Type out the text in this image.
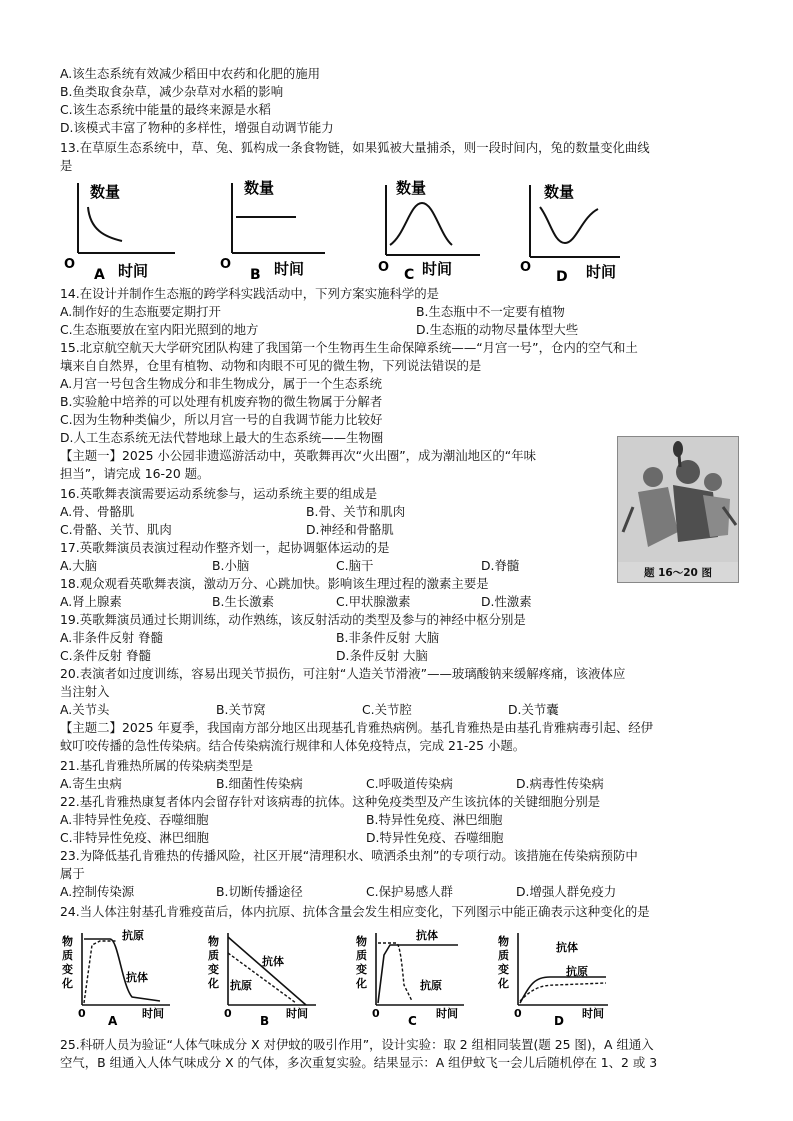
A.该生态系统有效减少稻田中农药和化肥的施用
B.鱼类取食杂草，减少杂草对水稻的影响
C.该生态系统中能量的最终来源是水稻
D.该模式丰富了物种的多样性，增强自动调节能力
13.在草原生态系统中，草、兔、狐构成一条食物链，如果狐被大量捕杀，则一段时间内，兔的数量变化曲线
是
数量
O	时间
A
数量
O	时间
B
数量
O 时间
C
数量
O	时间
D
14.在设计并制作生态瓶的跨学科实践活动中，下列方案实施科学的是
A.制作好的生态瓶要定期打开	B.生态瓶中不一定要有植物
C.生态瓶要放在室内阳光照到的地方	D.生态瓶的动物尽量体型大些
15.北京航空航天大学研究团队构建了我国第一个生物再生生命保障系统——“月宫一号”，仓内的空气和土
壤来自自然界，仓里有植物、动物和肉眼不可见的微生物，下列说法错误的是
A.月宫一号包含生物成分和非生物成分，属于一个生态系统
B.实验舱中培养的可以处理有机废弃物的微生物属于分解者
C.因为生物种类偏少，所以月宫一号的自我调节能力比较好
D.人工生态系统无法代替地球上最大的生态系统——生物圈
【主题一】2025 小公园非遗巡游活动中，英歌舞再次“火出圈”，成为潮汕地区的“年味
担当”，请完成 16-20 题。
题 16～20 图
16.英歌舞表演需要运动系统参与，运动系统主要的组成是
A.骨、骨骼肌	B.骨、关节和肌肉
C.骨骼、关节、肌肉	D.神经和骨骼肌
17.英歌舞演员表演过程动作整齐划一，起协调躯体运动的是
A.大脑	B.小脑	C.脑干	D.脊髓
18.观众观看英歌舞表演，激动万分、心跳加快。影响该生理过程的激素主要是
A.肾上腺素	B.生长激素	C.甲状腺激素	D.性激素
19.英歌舞演员通过长期训练，动作熟练，该反射活动的类型及参与的神经中枢分别是
A.非条件反射 脊髓	B.非条件反射 大脑
C.条件反射 脊髓	D.条件反射 大脑
20.表演者如过度训练，容易出现关节损伤，可注射“人造关节滑液”——玻璃酸钠来缓解疼痛，该液体应
当注射入
A.关节头	B.关节窝	C.关节腔	D.关节囊
【主题二】2025 年夏季，我国南方部分地区出现基孔肯雅热病例。基孔肯雅热是由基孔肯雅病毒引起、经伊
蚊叮咬传播的急性传染病。结合传染病流行规律和人体免疫特点，完成 21-25 小题。
21.基孔肯雅热所属的传染病类型是
A.寄生虫病	B.细菌性传染病	C.呼吸道传染病	D.病毒性传染病
22.基孔肯雅热康复者体内会留存针对该病毒的抗体。这种免疫类型及产生该抗体的关键细胞分别是
A.非特异性免疫、吞噬细胞	B.特异性免疫、淋巴细胞
C.非特异性免疫、淋巴细胞	D.特异性免疫、吞噬细胞
23.为降低基孔肯雅热的传播风险，社区开展“清理积水、喷洒杀虫剂”的专项行动。该措施在传染病预防中
属于
A.控制传染源	B.切断传播途径	C.保护易感人群	D.增强人群免疫力
24.当人体注射基孔肯雅疫苗后，体内抗原、抗体含量会发生相应变化，下列图示中能正确表示这种变化的是
物
质
变
化
0	时间
A
抗原
抗体
物
质
变
化
0	时间
B
抗体
抗原
物
质
变
化
0	时间
C
抗体
抗原
物
质
变
化
0	时间
D
抗体
抗原
25.科研人员为验证“人体气味成分 X 对伊蚊的吸引作用”，设计实验：取 2 组相同装置(题 25 图)，A 组通入
空气，B 组通入人体气味成分 X 的气体，多次重复实验。结果显示：A 组伊蚊飞一会儿后随机停在 1、2 或 3
